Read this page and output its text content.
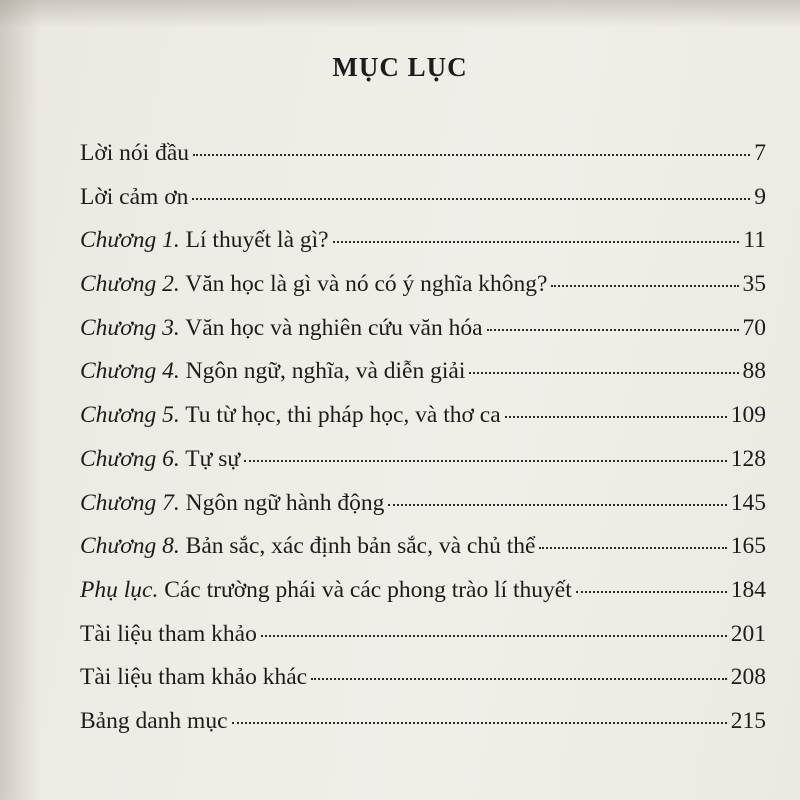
MỤC LỤC
Lời nói đầu	7
Lời cảm ơn	9
Chương 1. Lí thuyết là gì?	11
Chương 2. Văn học là gì và nó có ý nghĩa không?	35
Chương 3. Văn học và nghiên cứu văn hóa	70
Chương 4. Ngôn ngữ, nghĩa, và diễn giải	88
Chương 5. Tu từ học, thi pháp học, và thơ ca	109
Chương 6. Tự sự	128
Chương 7. Ngôn ngữ hành động	145
Chương 8. Bản sắc, xác định bản sắc, và chủ thể	165
Phụ lục. Các trường phái và các phong trào lí thuyết	184
Tài liệu tham khảo	201
Tài liệu tham khảo khác	208
Bảng danh mục	215
